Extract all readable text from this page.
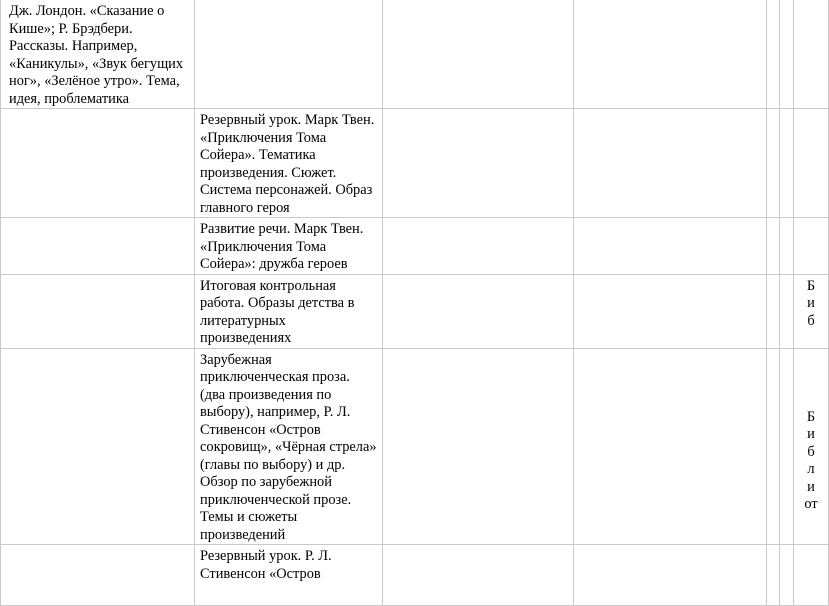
Дж. Лондон. «Сказание о Кише»; Р. Брэдбери. Рассказы. Например, «Каникулы», «Звук бегущих ног», «Зелёное утро». Тема, идея, проблематика						

	Резервный урок. Марк Твен. «Приключения Тома Сойера». Тематика произведения. Сюжет. Система персонажей. Образ главного героя					

	Развитие речи. Марк Твен. «Приключения Тома Сойера»: дружба героев					

	Итоговая контрольная работа. Образы детства в литературных произведениях					Биб

	Зарубежная приключенческая проза. (два произведения по выбору), например, Р. Л. Стивенсон «Остров сокровищ», «Чёрная стрела» (главы по выбору) и др. Обзор по зарубежной приключенческой прозе. Темы и сюжеты произведений					Библиот

	Резервный урок. Р. Л. Стивенсон «Остров					
